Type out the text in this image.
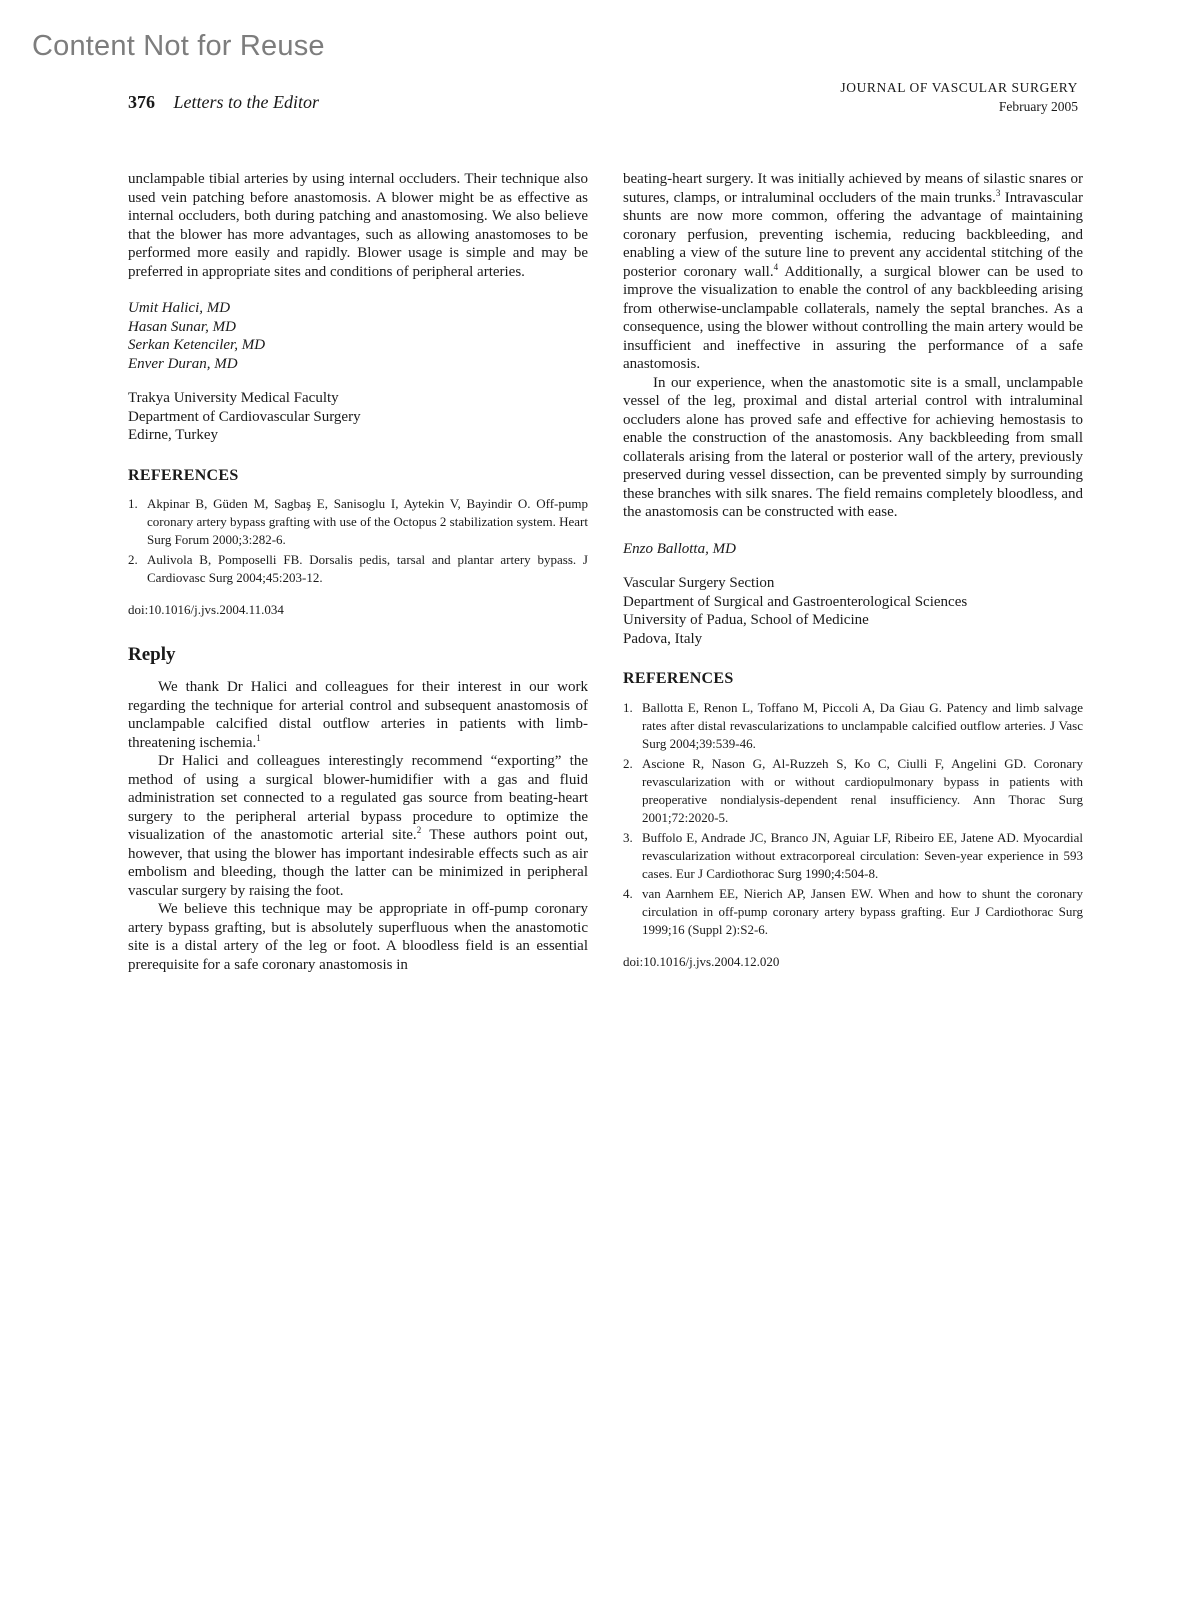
Content Not for Reuse
376 Letters to the Editor
JOURNAL OF VASCULAR SURGERY
February 2005

unclampable tibial arteries by using internal occluders. Their technique also used vein patching before anastomosis. A blower might be as effective as internal occluders, both during patching and anastomosing. We also believe that the blower has more advantages, such as allowing anastomoses to be performed more easily and rapidly. Blower usage is simple and may be preferred in appropriate sites and conditions of peripheral arteries.

Umit Halici, MD
Hasan Sunar, MD
Serkan Ketenciler, MD
Enver Duran, MD
Trakya University Medical Faculty
Department of Cardiovascular Surgery
Edirne, Turkey
REFERENCES
1. Akpinar B, Güden M, Sagbaş E, Sanisoglu I, Aytekin V, Bayindir O. Off-pump coronary artery bypass grafting with use of the Octopus 2 stabilization system. Heart Surg Forum 2000;3:282-6.
2. Aulivola B, Pomposelli FB. Dorsalis pedis, tarsal and plantar artery bypass. J Cardiovasc Surg 2004;45:203-12.
doi:10.1016/j.jvs.2004.11.034
Reply

We thank Dr Halici and colleagues for their interest in our work regarding the technique for arterial control and subsequent anastomosis of unclampable calcified distal outflow arteries in patients with limb-threatening ischemia.$^1$

Dr Halici and colleagues interestingly recommend “exporting” the method of using a surgical blower-humidifier with a gas and fluid administration set connected to a regulated gas source from beating-heart surgery to the peripheral arterial bypass procedure to optimize the visualization of the anastomotic arterial site.$^2$ These authors point out, however, that using the blower has important indesirable effects such as air embolism and bleeding, though the latter can be minimized in peripheral vascular surgery by raising the foot.

We believe this technique may be appropriate in off-pump coronary artery bypass grafting, but is absolutely superfluous when the anastomotic site is a distal artery of the leg or foot. A bloodless field is an essential prerequisite for a safe coronary anastomosis in

beating-heart surgery. It was initially achieved by means of silastic snares or sutures, clamps, or intraluminal occluders of the main trunks.$^3$ Intravascular shunts are now more common, offering the advantage of maintaining coronary perfusion, preventing ischemia, reducing backbleeding, and enabling a view of the suture line to prevent any accidental stitching of the posterior coronary wall.$^4$ Additionally, a surgical blower can be used to improve the visualization to enable the control of any backbleeding arising from otherwise-unclampable collaterals, namely the septal branches. As a consequence, using the blower without controlling the main artery would be insufficient and ineffective in assuring the performance of a safe anastomosis.

In our experience, when the anastomotic site is a small, unclampable vessel of the leg, proximal and distal arterial control with intraluminal occluders alone has proved safe and effective for achieving hemostasis to enable the construction of the anastomosis. Any backbleeding from small collaterals arising from the lateral or posterior wall of the artery, previously preserved during vessel dissection, can be prevented simply by surrounding these branches with silk snares. The field remains completely bloodless, and the anastomosis can be constructed with ease.

Enzo Ballotta, MD
Vascular Surgery Section
Department of Surgical and Gastroenterological Sciences
University of Padua, School of Medicine
Padova, Italy
REFERENCES
1. Ballotta E, Renon L, Toffano M, Piccoli A, Da Giau G. Patency and limb salvage rates after distal revascularizations to unclampable calcified outflow arteries. J Vasc Surg 2004;39:539-46.
2. Ascione R, Nason G, Al-Ruzzeh S, Ko C, Ciulli F, Angelini GD. Coronary revascularization with or without cardiopulmonary bypass in patients with preoperative nondialysis-dependent renal insufficiency. Ann Thorac Surg 2001;72:2020-5.
3. Buffolo E, Andrade JC, Branco JN, Aguiar LF, Ribeiro EE, Jatene AD. Myocardial revascularization without extracorporeal circulation: Seven-year experience in 593 cases. Eur J Cardiothorac Surg 1990;4:504-8.
4. van Aarnhem EE, Nierich AP, Jansen EW. When and how to shunt the coronary circulation in off-pump coronary artery bypass grafting. Eur J Cardiothorac Surg 1999;16 (Suppl 2):S2-6.
doi:10.1016/j.jvs.2004.12.020
